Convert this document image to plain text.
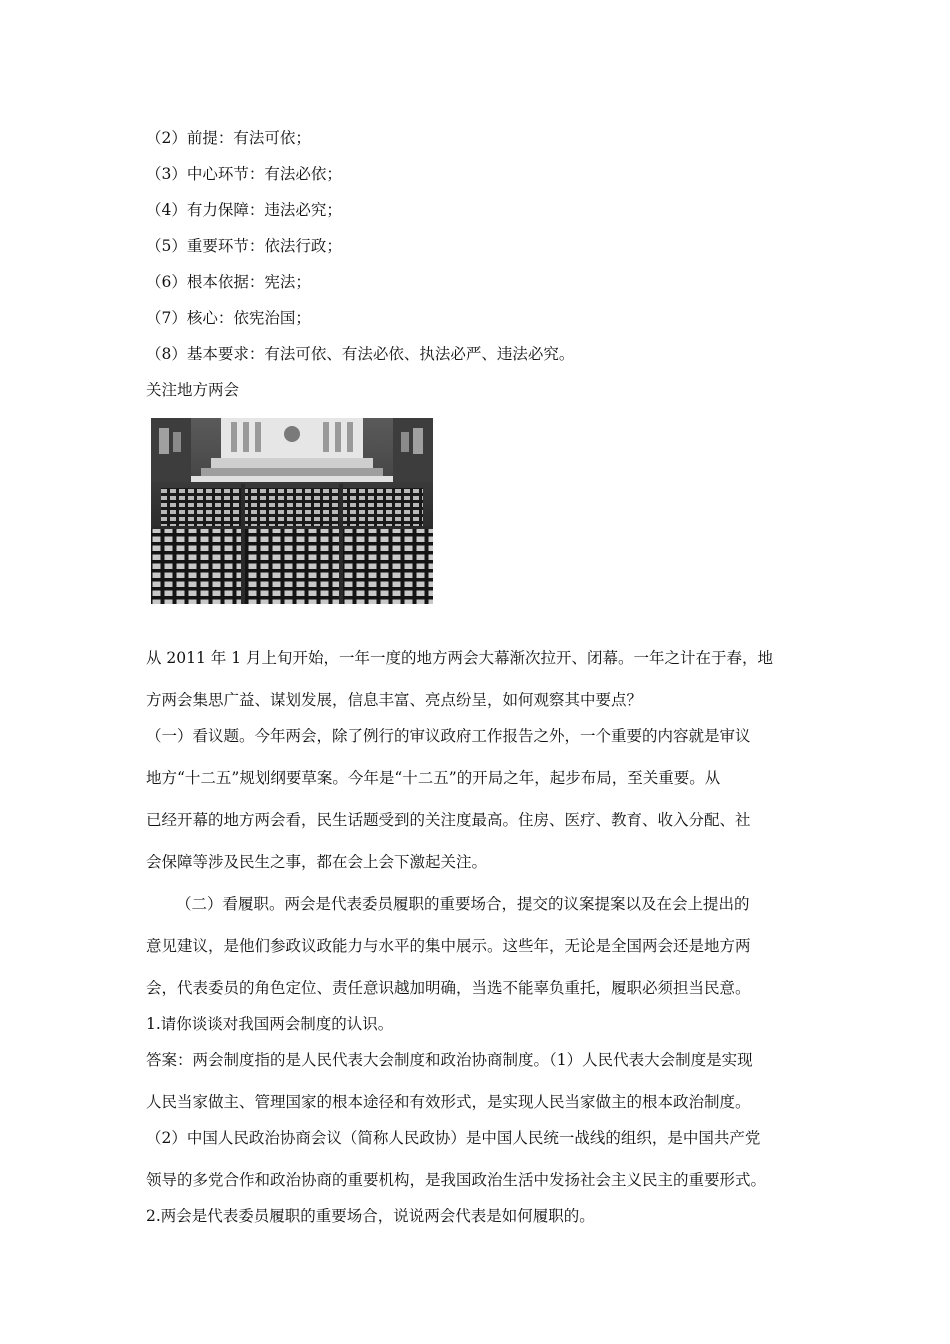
（2）前提：有法可依；
（3）中心环节：有法必依；
（4）有力保障：违法必究；
（5）重要环节：依法行政；
（6）根本依据：宪法；
（7）核心：依宪治国；
（8）基本要求：有法可依、有法必依、执法必严、违法必究。
关注地方两会
从 2011 年 1 月上旬开始，一年一度的地方两会大幕渐次拉开、闭幕。一年之计在于春，地
方两会集思广益、谋划发展，信息丰富、亮点纷呈，如何观察其中要点？
（一）看议题。今年两会，除了例行的审议政府工作报告之外，一个重要的内容就是审议
地方“十二五”规划纲要草案。今年是“十二五”的开局之年，起步布局，至关重要。从
已经开幕的地方两会看，民生话题受到的关注度最高。住房、医疗、教育、收入分配、社
会保障等涉及民生之事，都在会上会下激起关注。
（二）看履职。两会是代表委员履职的重要场合，提交的议案提案以及在会上提出的
意见建议，是他们参政议政能力与水平的集中展示。这些年，无论是全国两会还是地方两
会，代表委员的角色定位、责任意识越加明确，当选不能辜负重托，履职必须担当民意。
1.请你谈谈对我国两会制度的认识。
答案：两会制度指的是人民代表大会制度和政治协商制度。（1）人民代表大会制度是实现
人民当家做主、管理国家的根本途径和有效形式，是实现人民当家做主的根本政治制度。
（2）中国人民政治协商会议（简称人民政协）是中国人民统一战线的组织，是中国共产党
领导的多党合作和政治协商的重要机构，是我国政治生活中发扬社会主义民主的重要形式。
2.两会是代表委员履职的重要场合，说说两会代表是如何履职的。
